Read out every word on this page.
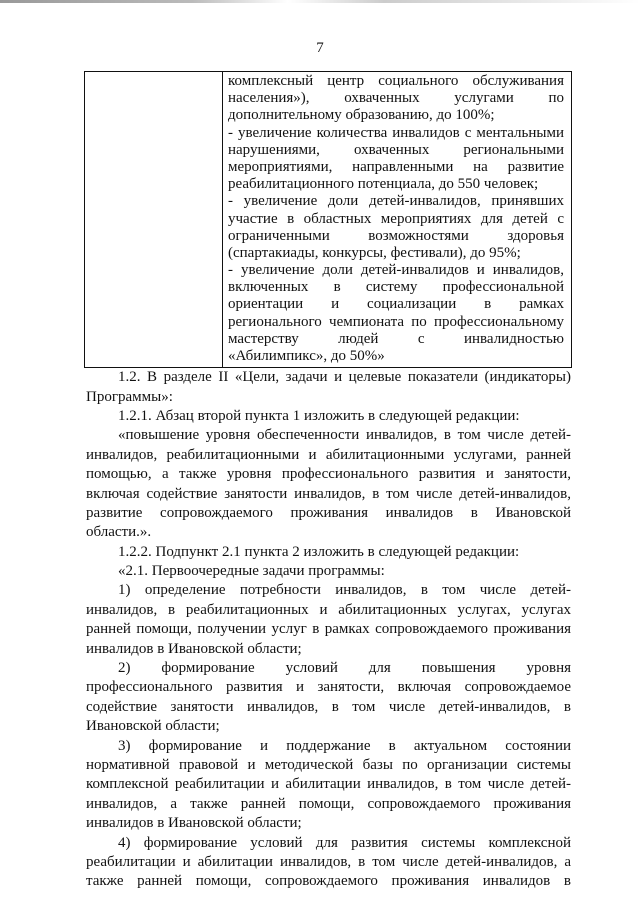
7
комплексный центр социального обслуживания
населения»), охваченных услугами по
дополнительному образованию, до 100%;
- увеличение количества инвалидов с ментальными
нарушениями, охваченных региональными
мероприятиями, направленными на развитие
реабилитационного потенциала, до 550 человек;
- увеличение доли детей-инвалидов, принявших
участие в областных мероприятиях для детей с
ограниченными возможностями здоровья
(спартакиады, конкурсы, фестивали), до 95%;
- увеличение доли детей-инвалидов и инвалидов,
включенных в систему профессиональной
ориентации и социализации в рамках
регионального чемпионата по профессиональному
мастерству людей с инвалидностью
«Абилимпикс», до 50%»
1.2. В разделе II «Цели, задачи и целевые показатели (индикаторы)
Программы»:
1.2.1. Абзац второй пункта 1 изложить в следующей редакции:
«повышение уровня обеспеченности инвалидов, в том числе детей-
инвалидов, реабилитационными и абилитационными услугами, ранней
помощью, а также уровня профессионального развития и занятости,
включая содействие занятости инвалидов, в том числе детей-инвалидов,
развитие сопровождаемого проживания инвалидов в Ивановской
области.».
1.2.2. Подпункт 2.1 пункта 2 изложить в следующей редакции:
«2.1. Первоочередные задачи программы:
1) определение потребности инвалидов, в том числе детей-
инвалидов, в реабилитационных и абилитационных услугах, услугах
ранней помощи, получении услуг в рамках сопровождаемого проживания
инвалидов в Ивановской области;
2) формирование условий для повышения уровня
профессионального развития и занятости, включая сопровождаемое
содействие занятости инвалидов, в том числе детей-инвалидов, в
Ивановской области;
3) формирование и поддержание в актуальном состоянии
нормативной правовой и методической базы по организации системы
комплексной реабилитации и абилитации инвалидов, в том числе детей-
инвалидов, а также ранней помощи, сопровождаемого проживания
инвалидов в Ивановской области;
4) формирование условий для развития системы комплексной
реабилитации и абилитации инвалидов, в том числе детей-инвалидов, а
также ранней помощи, сопровождаемого проживания инвалидов в
